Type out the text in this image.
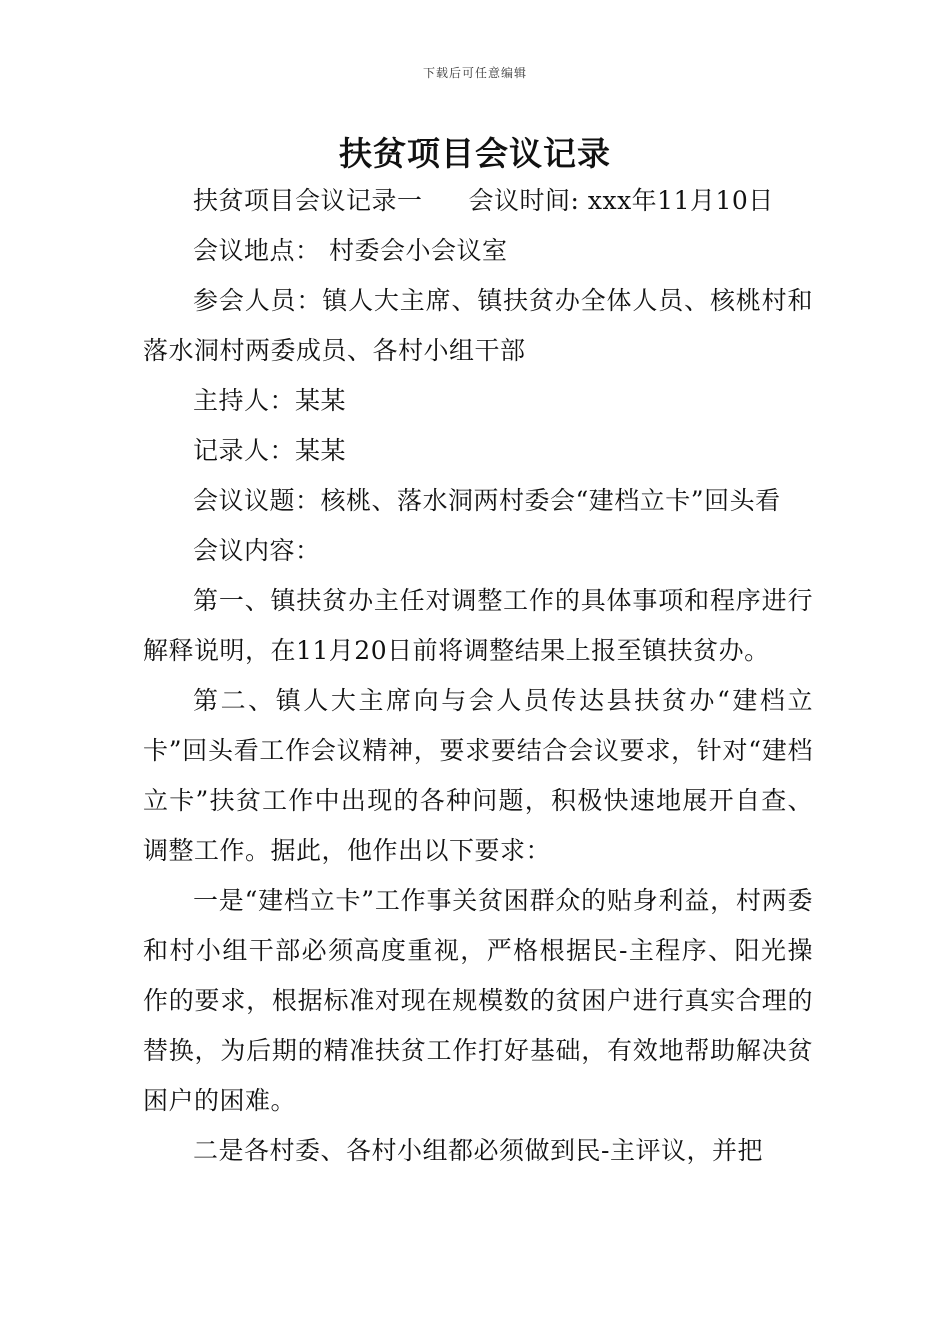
下载后可任意编辑
扶贫项目会议记录

扶贫项目会议记录一 会议时间: xxx年11月10日

会议地点： 村委会小会议室

参会人员：镇人大主席、镇扶贫办全体人员、核桃村和落水洞村两委成员、各村小组干部

主持人：某某

记录人：某某

会议议题：核桃、落水洞两村委会“建档立卡”回头看

会议内容：

第一、镇扶贫办主任对调整工作的具体事项和程序进行解释说明，在11月20日前将调整结果上报至镇扶贫办。

第二、镇人大主席向与会人员传达县扶贫办“建档立卡”回头看工作会议精神，要求要结合会议要求，针对“建档立卡”扶贫工作中出现的各种问题，积极快速地展开自查、调整工作。据此，他作出以下要求：

一是“建档立卡”工作事关贫困群众的贴身利益，村两委和村小组干部必须高度重视，严格根据民-主程序、阳光操作的要求，根据标准对现在规模数的贫困户进行真实合理的替换，为后期的精准扶贫工作打好基础，有效地帮助解决贫困户的困难。

二是各村委、各村小组都必须做到民-主评议，并把
